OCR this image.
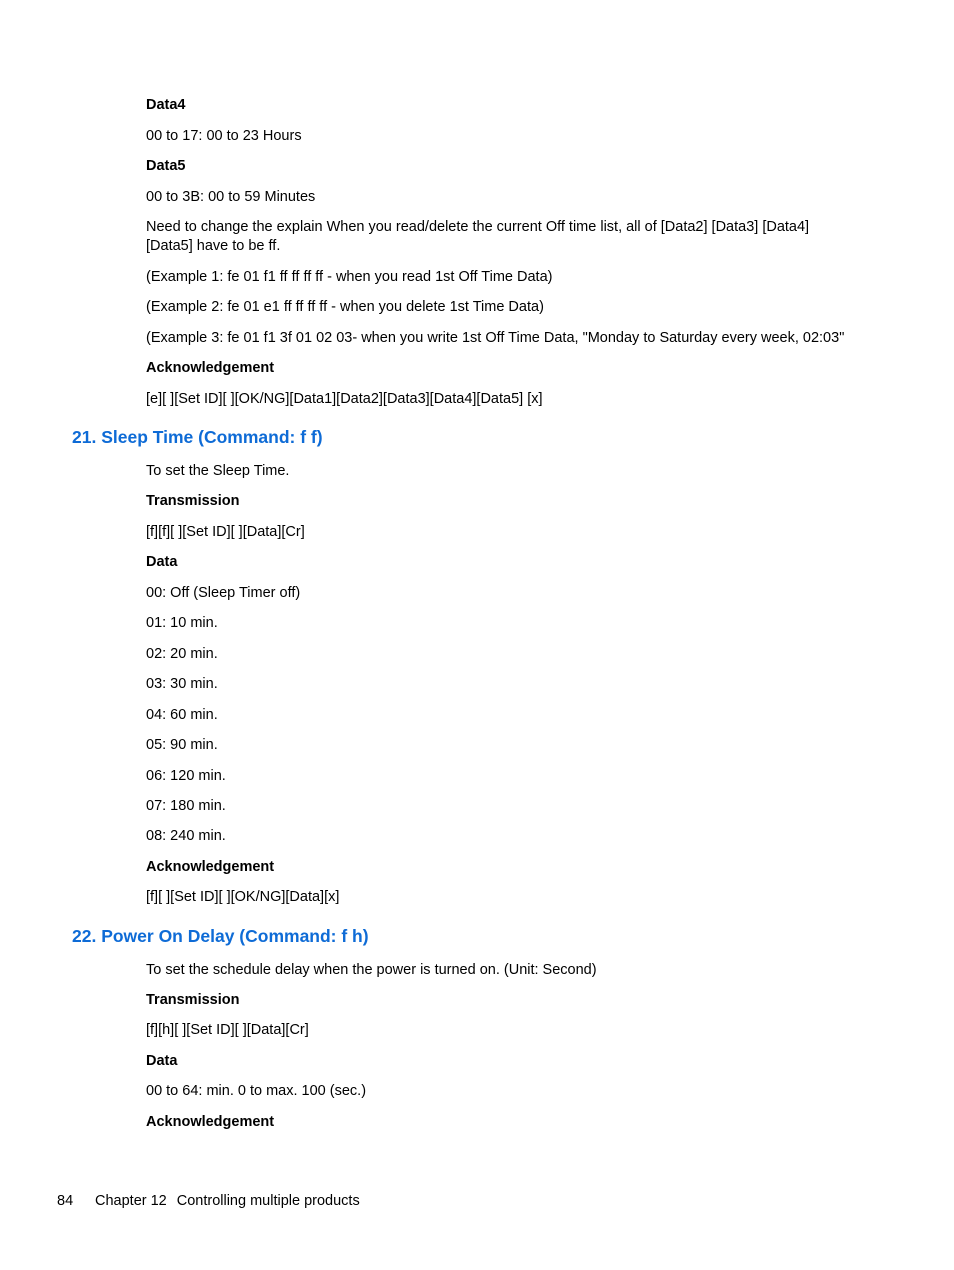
Data4
00 to 17: 00 to 23 Hours
Data5
00 to 3B: 00 to 59 Minutes
Need to change the explain When you read/delete the current Off time list, all of [Data2] [Data3] [Data4] [Data5] have to be ff.
(Example 1: fe 01 f1 ff ff ff ff - when you read 1st Off Time Data)
(Example 2: fe 01 e1 ff ff ff ff - when you delete 1st Time Data)
(Example 3: fe 01 f1 3f 01 02 03- when you write 1st Off Time Data, "Monday to Saturday every week, 02:03"
Acknowledgement
[e][ ][Set ID][ ][OK/NG][Data1][Data2][Data3][Data4][Data5] [x]
21. Sleep Time (Command: f f)
To set the Sleep Time.
Transmission
[f][f][ ][Set ID][ ][Data][Cr]
Data
00: Off (Sleep Timer off)
01: 10 min.
02: 20 min.
03: 30 min.
04: 60 min.
05: 90 min.
06: 120 min.
07: 180 min.
08: 240 min.
Acknowledgement
[f][ ][Set ID][ ][OK/NG][Data][x]
22. Power On Delay (Command: f h)
To set the schedule delay when the power is turned on. (Unit: Second)
Transmission
[f][h][ ][Set ID][ ][Data][Cr]
Data
00 to 64: min. 0 to max. 100 (sec.)
Acknowledgement
84 Chapter 12 Controlling multiple products
